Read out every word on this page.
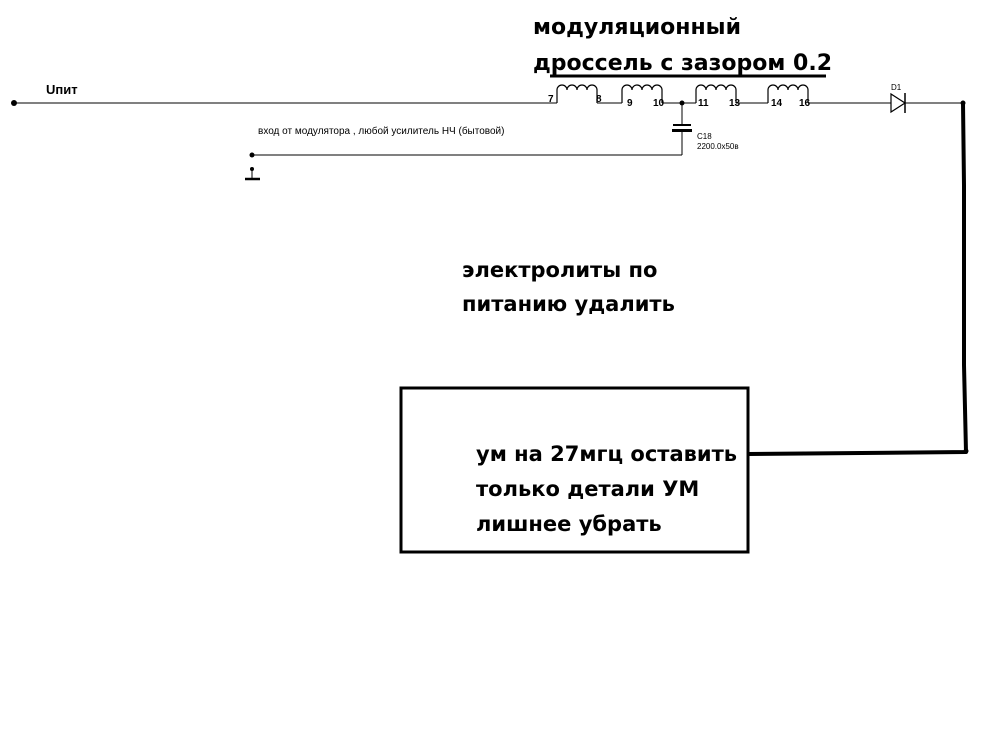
Uпит
C18
2200.0x50в
вход от модулятора , любой усилитель НЧ (бытовой)
D1
7	8	9 10	11 13	14 16
модуляционный
дроссель с зазором 0.2
электролиты по
питанию удалить
ум на 27мгц оставить
только детали УМ
лишнее убрать
